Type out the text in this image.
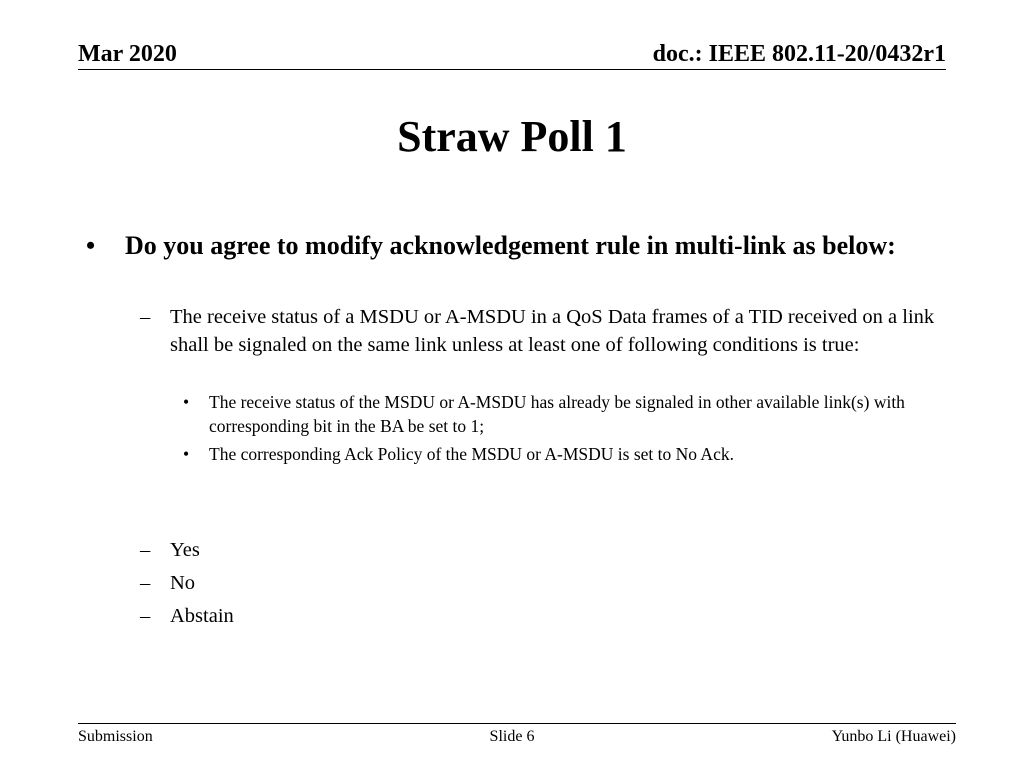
Mar 2020	doc.: IEEE 802.11-20/0432r1
Straw Poll 1
• Do you agree to modify acknowledgement rule in multi-link as below:
– The receive status of a MSDU or A-MSDU in a QoS Data frames of a TID received on a link shall be signaled on the same link unless at least one of following conditions is true:
• The receive status of the MSDU or A-MSDU has already be signaled in other available link(s) with corresponding bit in the BA be set to 1;
• The corresponding Ack Policy of the MSDU or A-MSDU is set to No Ack.
– Yes
– No
– Abstain
Submission	Slide 6	Yunbo Li (Huawei)
